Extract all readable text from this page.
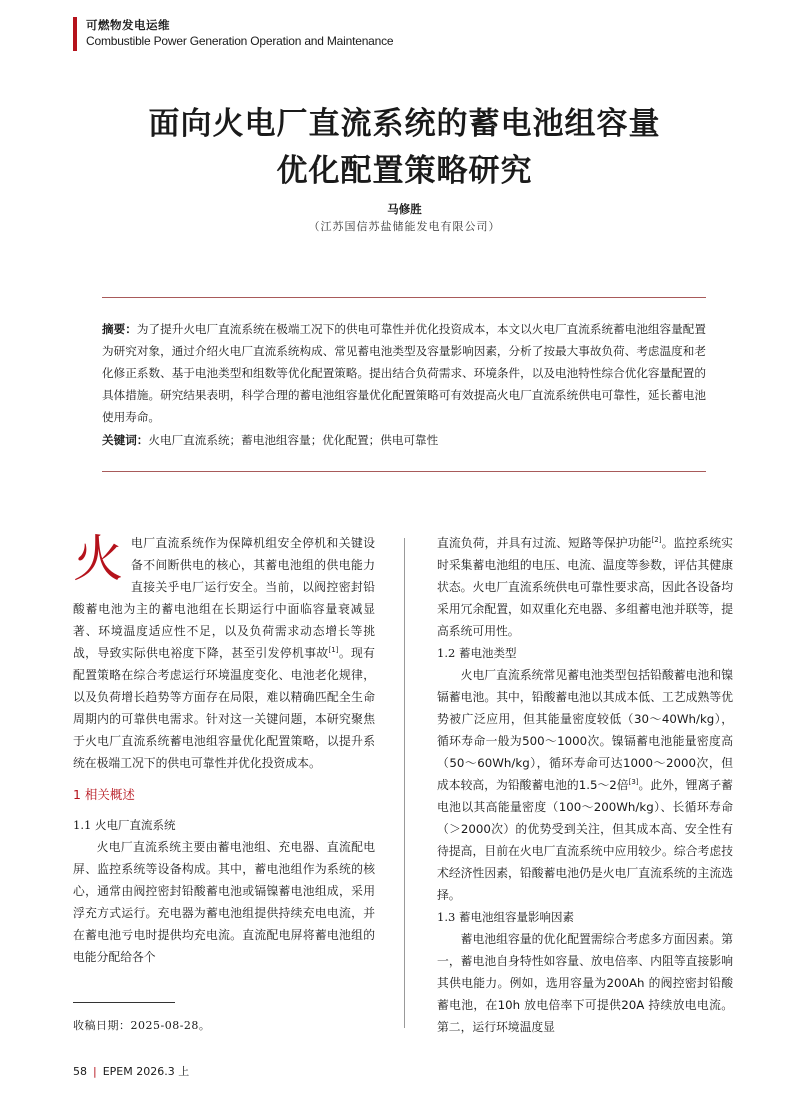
可燃物发电运维
Combustible Power Generation Operation and Maintenance
面向火电厂直流系统的蓄电池组容量
优化配置策略研究
马修胜
（江苏国信苏盐储能发电有限公司）
摘要：为了提升火电厂直流系统在极端工况下的供电可靠性并优化投资成本，本文以火电厂直流系统蓄电池组容量配置为研究对象，通过介绍火电厂直流系统构成、常见蓄电池类型及容量影响因素，分析了按最大事故负荷、考虑温度和老化修正系数、基于电池类型和组数等优化配置策略。提出结合负荷需求、环境条件，以及电池特性综合优化容量配置的具体措施。研究结果表明，科学合理的蓄电池组容量优化配置策略可有效提高火电厂直流系统供电可靠性，延长蓄电池使用寿命。
关键词：火电厂直流系统；蓄电池组容量；优化配置；供电可靠性

火电厂直流系统作为保障机组安全停机和关键设备不间断供电的核心，其蓄电池组的供电能力直接关乎电厂运行安全。当前，以阀控密封铅酸蓄电池为主的蓄电池组在长期运行中面临容量衰减显著、环境温度适应性不足，以及负荷需求动态增长等挑战，导致实际供电裕度下降，甚至引发停机事故[1]。现有配置策略在综合考虑运行环境温度变化、电池老化规律，以及负荷增长趋势等方面存在局限，难以精确匹配全生命周期内的可靠供电需求。针对这一关键问题，本研究聚焦于火电厂直流系统蓄电池组容量优化配置策略，以提升系统在极端工况下的供电可靠性并优化投资成本。

1 相关概述

1.1 火电厂直流系统

火电厂直流系统主要由蓄电池组、充电器、直流配电屏、监控系统等设备构成。其中，蓄电池组作为系统的核心，通常由阀控密封铅酸蓄电池或镉镍蓄电池组成，采用浮充方式运行。充电器为蓄电池组提供持续充电电流，并在蓄电池亏电时提供均充电流。直流配电屏将蓄电池组的电能分配给各个

直流负荷，并具有过流、短路等保护功能[2]。监控系统实时采集蓄电池组的电压、电流、温度等参数，评估其健康状态。火电厂直流系统供电可靠性要求高，因此各设备均采用冗余配置，如双重化充电器、多组蓄电池并联等，提高系统可用性。

1.2 蓄电池类型

火电厂直流系统常见蓄电池类型包括铅酸蓄电池和镍镉蓄电池。其中，铅酸蓄电池以其成本低、工艺成熟等优势被广泛应用，但其能量密度较低（30～40Wh/kg），循环寿命一般为500～1000次。镍镉蓄电池能量密度高（50～60Wh/kg），循环寿命可达1000～2000次，但成本较高，为铅酸蓄电池的1.5～2倍[3]。此外，锂离子蓄电池以其高能量密度（100～200Wh/kg）、长循环寿命（＞2000次）的优势受到关注，但其成本高、安全性有待提高，目前在火电厂直流系统中应用较少。综合考虑技术经济性因素，铅酸蓄电池仍是火电厂直流系统的主流选择。

1.3 蓄电池组容量影响因素

蓄电池组容量的优化配置需综合考虑多方面因素。第一，蓄电池自身特性如容量、放电倍率、内阻等直接影响其供电能力。例如，选用容量为200Ah 的阀控密封铅酸蓄电池，在10h 放电倍率下可提供20A 持续放电电流。第二，运行环境温度显

收稿日期：2025-08-28。
58 | EPEM 2026.3 上
